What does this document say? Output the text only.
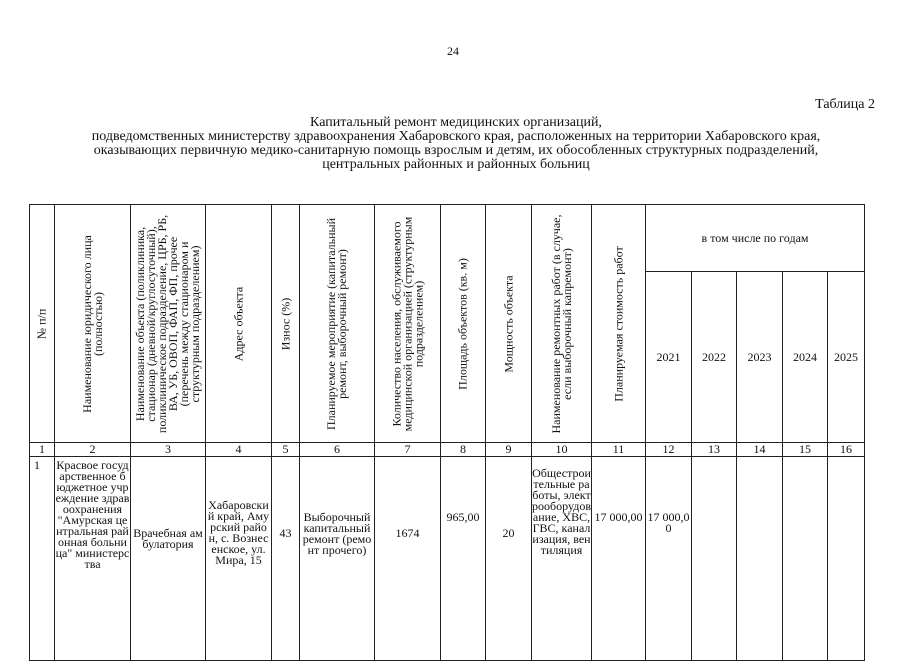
24
Таблица 2
Капитальный ремонт медицинских организаций,
подведомственных министерству здравоохранения Хабаровского края, расположенных на территории Хабаровского края,
оказывающих первичную медико-санитарную помощь взрослым и детям, их обособленных структурных подразделений,
центральных районных и районных больниц
№ п/п	Наименование юридического лица (полностью)	Наименование объекта (поликлиника, стационар (дневной/круглосуточный), поликлиническое подразделение, ЦРБ, РБ, ВА, УБ, ОВОП, ФАП, ФП, прочее (перечень между стационаром и структурным подразделением)	Адрес объекта	Износ (%)	Планируемое мероприятие (капитальный ремонт, выборочный ремонт)	Количество населения, обслуживаемого медицинской организацией (структурным подразделением)	Площадь объектов (кв. м)	Мощность объекта	Наименование ремонтных работ (в случае, если выборочный капремонт)	Планируемая стоимость работ	в том числе по годам				
											2021	2022	2023	2024	2025
1	2	3	4	5	6	7	8	9	10	11	12	13	14	15	16
1	Красвое государственное бюджетное учреждение здравоохранения "Амурская центральная районная больница" министерства	Врачебная амбулатория	Хабаровский край, Амурский район, с. Вознесенское, ул. Мира, 15	43	Выборочный капитальный ремонт (ремонт прочего)	1674	965,00	20	Общестроительные работы, электрооборудование, ХВС, ГВС, канализация, вентиляция	17 000,00	17 000,00				
